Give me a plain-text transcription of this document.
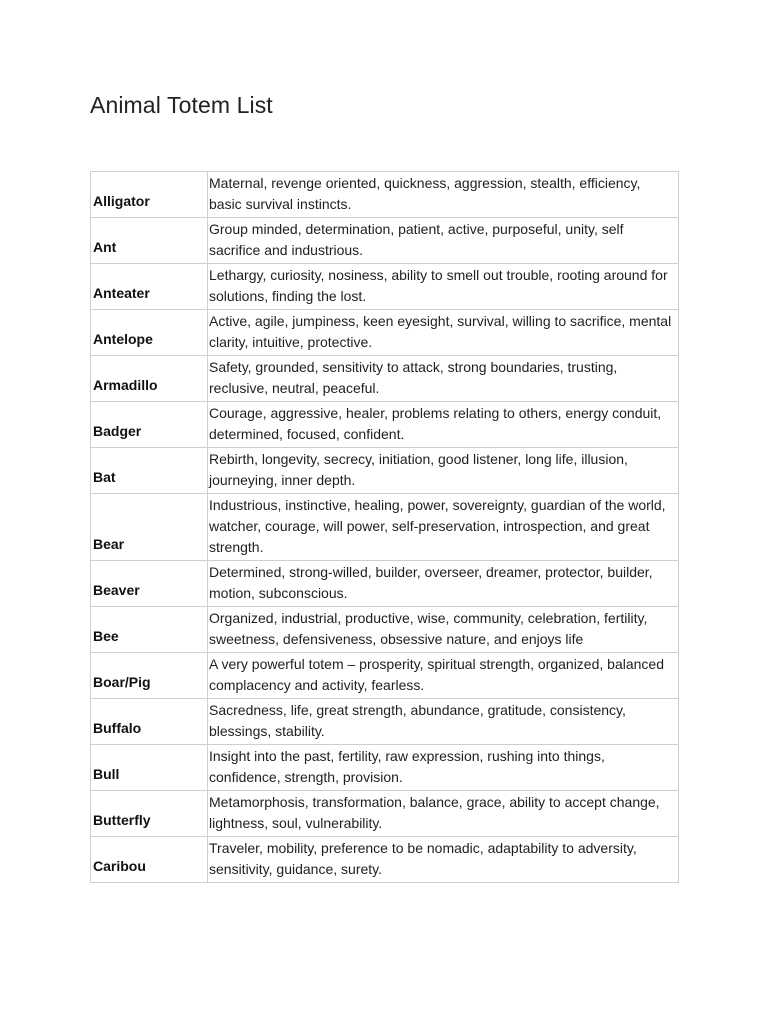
Animal Totem List
Alligator	Maternal, revenge oriented, quickness, aggression, stealth, efficiency, basic survival instincts.
Ant	Group minded, determination, patient, active, purposeful, unity, self sacrifice and industrious.
Anteater	Lethargy, curiosity, nosiness, ability to smell out trouble, rooting around for solutions, finding the lost.
Antelope	Active, agile, jumpiness, keen eyesight, survival, willing to sacrifice, mental clarity, intuitive, protective.
Armadillo	Safety, grounded, sensitivity to attack, strong boundaries, trusting, reclusive, neutral, peaceful.
Badger	Courage, aggressive, healer, problems relating to others, energy conduit, determined, focused, confident.
Bat	Rebirth, longevity, secrecy, initiation, good listener, long life, illusion, journeying, inner depth.
Bear	Industrious, instinctive, healing, power, sovereignty, guardian of the world, watcher, courage, will power, self-preservation, introspection, and great strength.
Beaver	Determined, strong-willed, builder, overseer, dreamer, protector, builder, motion, subconscious.
Bee	Organized, industrial, productive, wise, community, celebration, fertility, sweetness, defensiveness, obsessive nature, and enjoys life
Boar/Pig	A very powerful totem – prosperity, spiritual strength, organized, balanced complacency and activity, fearless.
Buffalo	Sacredness, life, great strength, abundance, gratitude, consistency, blessings, stability.
Bull	Insight into the past, fertility, raw expression, rushing into things, confidence, strength, provision.
Butterfly	Metamorphosis, transformation, balance, grace, ability to accept change, lightness, soul, vulnerability.
Caribou	Traveler, mobility, preference to be nomadic, adaptability to adversity, sensitivity, guidance, surety.
